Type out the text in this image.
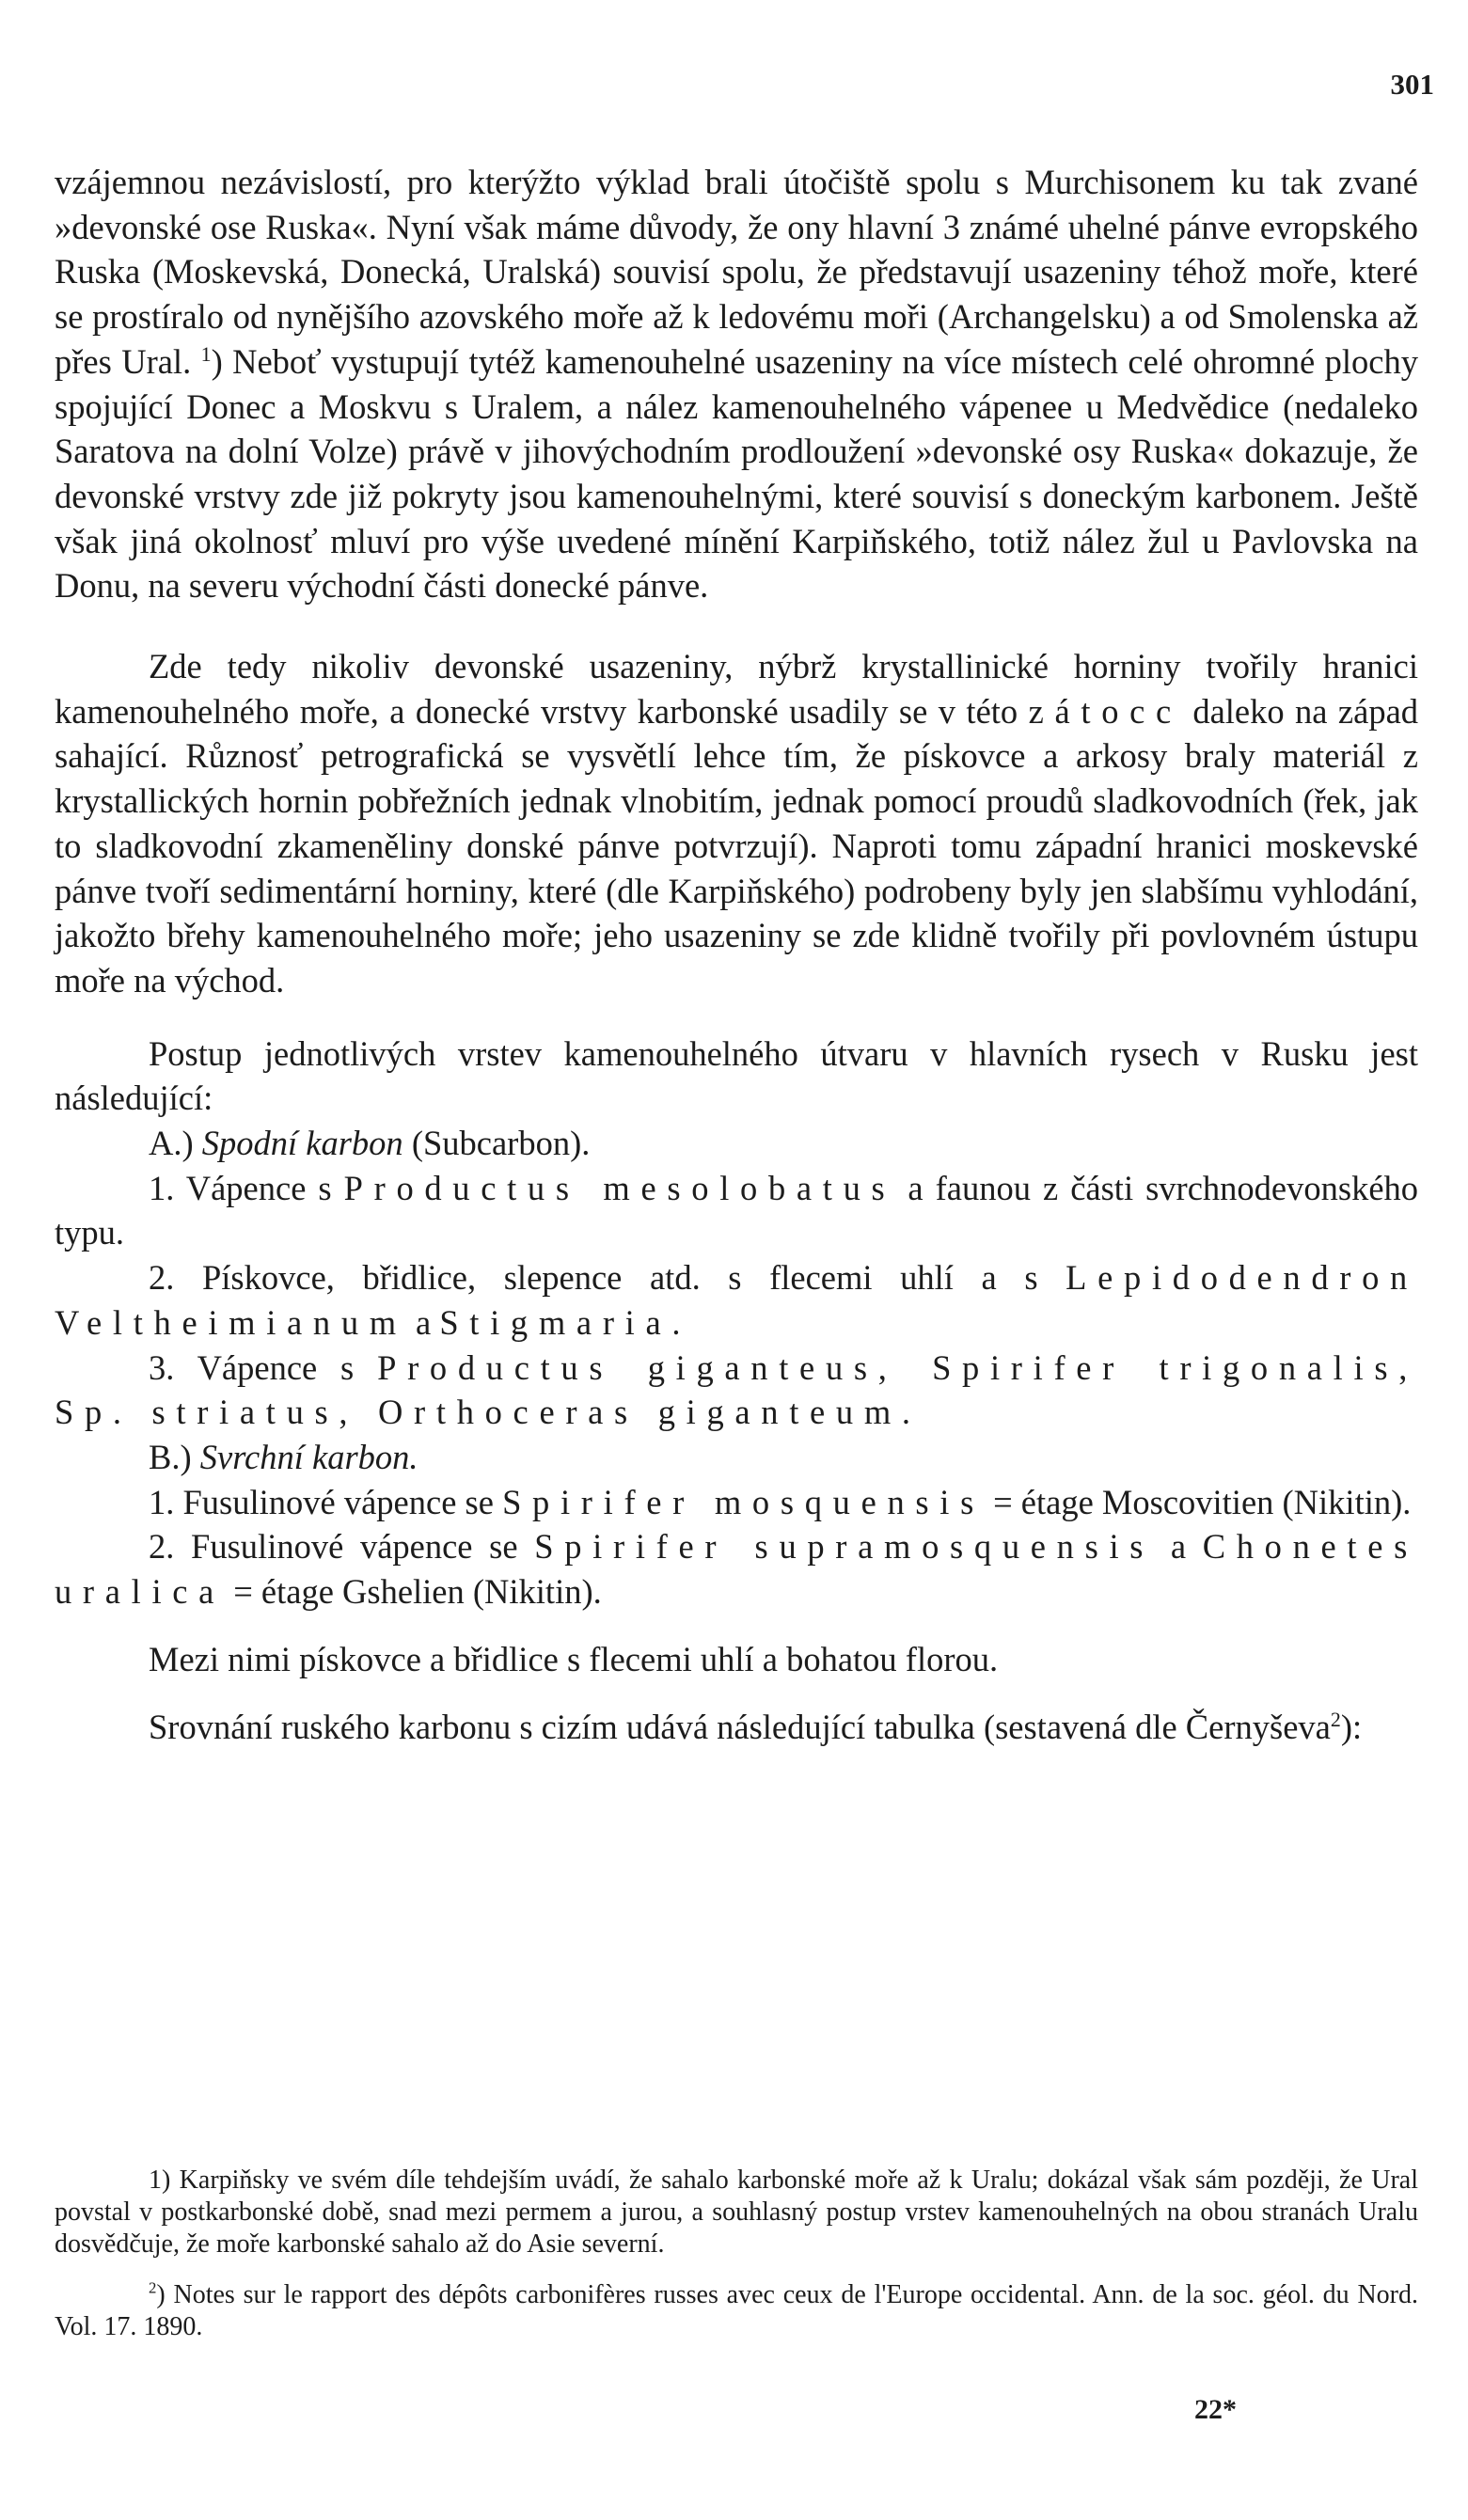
301

vzájemnou nezávislostí, pro kterýžto výklad brali útočiště spolu s Murchisonem ku tak zvané »devonské ose Ruska«. Nyní však máme důvody, že ony hlavní 3 známé uhelné pánve evropského Ruska (Moskevská, Donecká, Uralská) souvisí spolu, že představují usazeniny téhož moře, které se prostíralo od nynějšího azovského moře až k ledovému moři (Archangelsku) a od Smolenska až přes Ural. $^1$) Neboť vystupují tytéž kamenouhelné usazeniny na více místech celé ohromné plochy spojující Donec a Moskvu s Uralem, a nález kamenouhelného vápenee u Medvědice (nedaleko Saratova na dolní Volze) právě v jihovýchodním prodloužení »devonské osy Ruska« dokazuje, že devonské vrstvy zde již pokryty jsou kamenouhelnými, které souvisí s doneckým karbonem. Ještě však jiná okolnosť mluví pro výše uvedené mínění Karpiňského, totiž nález žul u Pavlovska na Donu, na severu východní části donecké pánve.

Zde tedy nikoliv devonské usazeniny, nýbrž krystallinické horniny tvořily hranici kamenouhelného moře, a donecké vrstvy karbonské usadily se v této zátocc daleko na západ sahající. Různosť petrografická se vysvětlí lehce tím, že pískovce a arkosy braly materiál z krystallických hornin pobřežních jednak vlnobitím, jednak pomocí proudů sladkovodních (řek, jak to sladkovodní zkameněliny donské pánve potvrzují). Naproti tomu západní hranici moskevské pánve tvoří sedimentární horniny, které (dle Karpiňského) podrobeny byly jen slabšímu vyhlodání, jakožto břehy kamenouhelného moře; jeho usazeniny se zde klidně tvořily při povlovném ústupu moře na východ.

Postup jednotlivých vrstev kamenouhelného útvaru v hlavních rysech v Rusku jest následující:

A.) Spodní karbon (Subcarbon).

1. Vápence s Productus mesolobatus a faunou z části svrchnodevonského typu.

2. Pískovce, břidlice, slepence atd. s flecemi uhlí a s Lepidodendron Veltheimianum a Stigmaria.

3. Vápence s Productus giganteus, Spirifer trigonalis, Sp. striatus, Orthoceras giganteum.

B.) Svrchní karbon.

1. Fusulinové vápence se Spirifer mosquensis = étage Moscovitien (Nikitin).

2. Fusulinové vápence se Spirifer supramosquensis a Chonetes uralica = étage Gshelien (Nikitin).

Mezi nimi pískovce a břidlice s flecemi uhlí a bohatou florou.

Srovnání ruského karbonu s cizím udává následující tabulka (sestavená dle Černyševa$^2$):

1) Karpiňsky ve svém díle tehdejším uvádí, že sahalo karbonské moře až k Uralu; dokázal však sám později, že Ural povstal v postkarbonské době, snad mezi permem a jurou, a souhlasný postup vrstev kamenouhelných na obou stranách Uralu dosvědčuje, že moře karbonské sahalo až do Asie severní.

$^2$) Notes sur le rapport des dépôts carbonifères russes avec ceux de l'Europe occidental. Ann. de la soc. géol. du Nord. Vol. 17. 1890.

22*
